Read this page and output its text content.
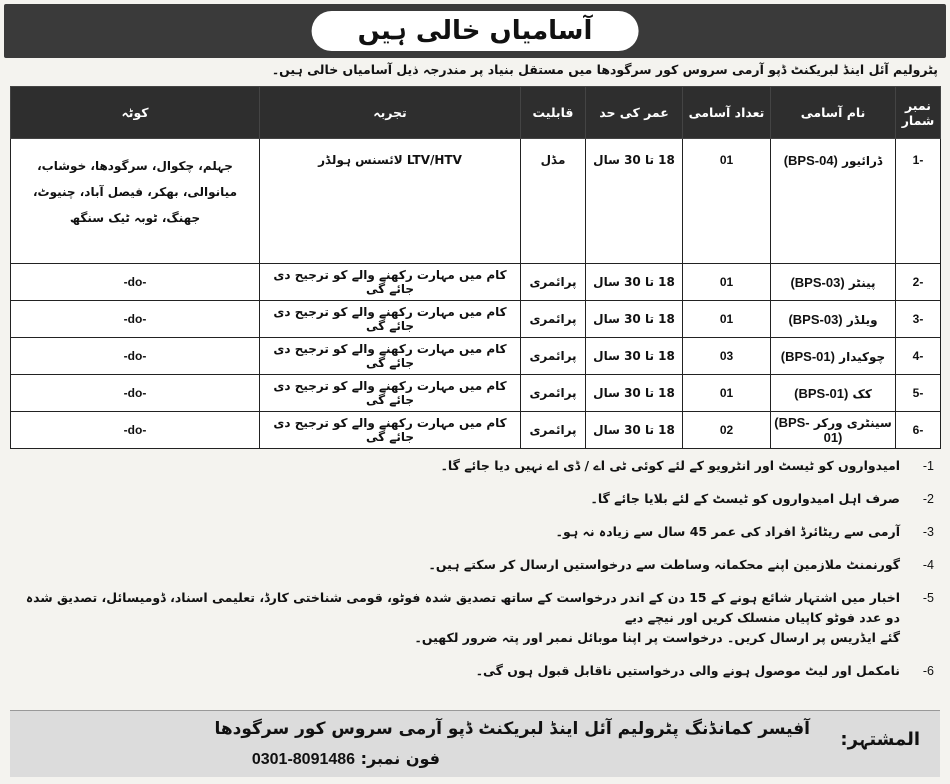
آسامیاں خالی ہیں
پٹرولیم آئل اینڈ لبریکنٹ ڈپو آرمی سروس کور سرگودھا میں مستقل بنیاد پر مندرجہ ذیل آسامیاں خالی ہیں۔
نمبر شمار	نام آسامی	تعداد آسامی	عمر کی حد	قابلیت	تجربہ	کوٹہ
-1	ڈرائیور (BPS-04)	01	18 تا 30 سال	مڈل	LTV/HTV لائسنس ہولڈر	جہلم، چکوال، سرگودھا، خوشاب، میانوالی، بھکر، فیصل آباد، چنیوٹ، جھنگ، ٹوبہ ٹیک سنگھ
-2	پینٹر (BPS-03)	01	18 تا 30 سال	پرائمری	کام میں مہارت رکھنے والے کو ترجیح دی جائے گی	-do-
-3	ویلڈر (BPS-03)	01	18 تا 30 سال	پرائمری	کام میں مہارت رکھنے والے کو ترجیح دی جائے گی	-do-
-4	چوکیدار (BPS-01)	03	18 تا 30 سال	پرائمری	کام میں مہارت رکھنے والے کو ترجیح دی جائے گی	-do-
-5	کک (BPS-01)	01	18 تا 30 سال	پرائمری	کام میں مہارت رکھنے والے کو ترجیح دی جائے گی	-do-
-6	سینٹری ورکر (BPS-01)	02	18 تا 30 سال	پرائمری	کام میں مہارت رکھنے والے کو ترجیح دی جائے گی	-do-
-1
امیدواروں کو ٹیسٹ اور انٹرویو کے لئے کوئی ٹی اے / ڈی اے نہیں دیا جائے گا۔
-2
صرف اہل امیدواروں کو ٹیسٹ کے لئے بلایا جائے گا۔
-3
آرمی سے ریٹائرڈ افراد کی عمر 45 سال سے زیادہ نہ ہو۔
-4
گورنمنٹ ملازمین اپنے محکمانہ وساطت سے درخواستیں ارسال کر سکتے ہیں۔
-5
اخبار میں اشتہار شائع ہونے کے 15 دن کے اندر درخواست کے ساتھ تصدیق شدہ فوٹو، قومی شناختی کارڈ، تعلیمی اسناد، ڈومیسائل، تصدیق شدہ دو عدد فوٹو کاپیاں منسلک کریں اور نیچے دیے
گئے ایڈریس پر ارسال کریں۔ درخواست پر اپنا موبائل نمبر اور پتہ ضرور لکھیں۔
-6
نامکمل اور لیٹ موصول ہونے والی درخواستیں ناقابل قبول ہوں گی۔
المشتہر:
آفیسر کمانڈنگ پٹرولیم آئل اینڈ لبریکنٹ ڈپو آرمی سروس کور سرگودھا
فون نمبر: 0301-8091486
